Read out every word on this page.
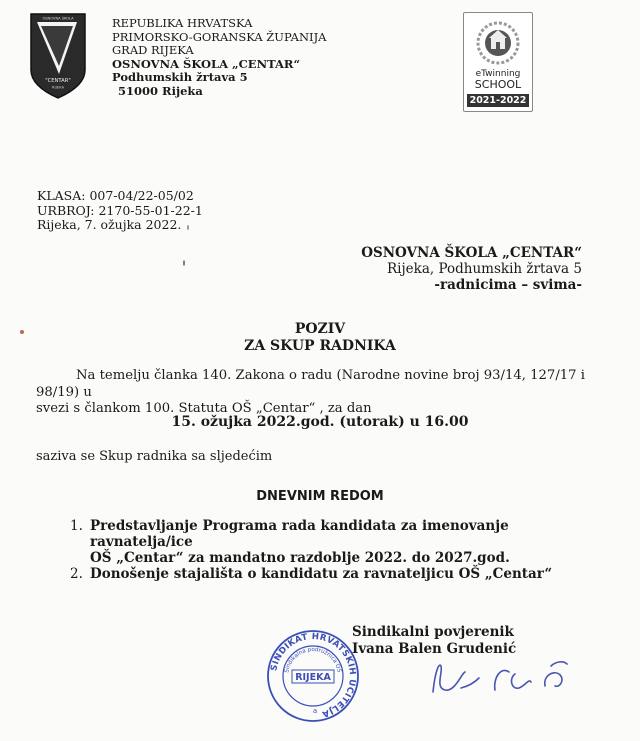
OSNOVNA ŠKOLA
"CENTAR"
RIJEKA
REPUBLIKA HRVATSKA
PRIMORSKO-GORANSKA ŽUPANIJA
GRAD RIJEKA
OSNOVNA ŠKOLA „CENTAR“
Podhumskih žrtava 5
51000 Rijeka
eTwinning
SCHOOL
2021-2022
KLASA: 007-04/22-05/02
URBROJ: 2170-55-01-22-1
Rijeka, 7. ožujka 2022.
OSNOVNA ŠKOLA „CENTAR“
Rijeka, Podhumskih žrtava 5
-radnicima – svima-
POZIV
ZA SKUP RADNIKA
Na temelju članka 140. Zakona o radu (Narodne novine broj 93/14, 127/17 i 98/19) u
svezi s člankom 100. Statuta OŠ „Centar“ , za dan
15. ožujka 2022.god. (utorak) u 16.00
saziva se Skup radnika sa sljedećim
DNEVNIM REDOM
1. Predstavljanje Programa rada kandidata za imenovanje ravnatelja/ice
OŠ „Centar“ za mandatno razdoblje 2022. do 2027.god.
2. Donošenje stajališta o kandidatu za ravnateljicu OŠ „Centar“
SINDIKAT HRVATSKIH UČITELJA
Sindikalna podružnica OŠ
RIJEKA
a
Sindikalni povjerenik
Ivana Balen Grudenić
